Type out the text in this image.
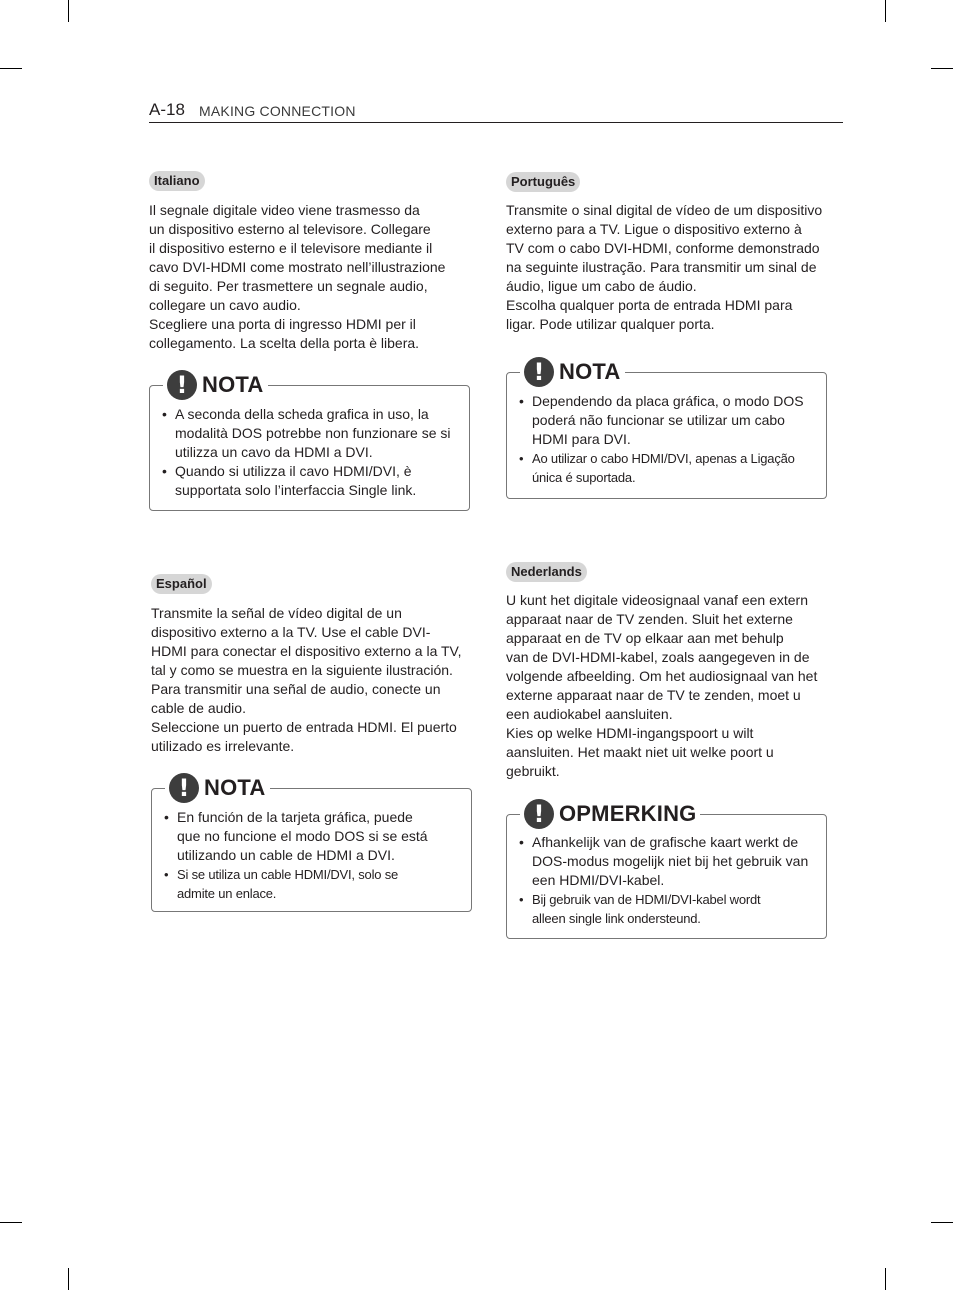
A-18 MAKING CONNECTION
Italiano
Il segnale digitale video viene trasmesso da
un dispositivo esterno al televisore. Collegare
il dispositivo esterno e il televisore mediante il
cavo DVI-HDMI come mostrato nell’illustrazione
di seguito. Per trasmettere un segnale audio,
collegare un cavo audio.
Scegliere una porta di ingresso HDMI per il
collegamento. La scelta della porta è libera.
! NOTA
• A seconda della scheda grafica in uso, la
modalità DOS potrebbe non funzionare se si
utilizza un cavo da HDMI a DVI.
• Quando si utilizza il cavo HDMI/DVI, è
supportata solo l’interfaccia Single link.
Português
Transmite o sinal digital de vídeo de um dispositivo
externo para a TV. Ligue o dispositivo externo à
TV com o cabo DVI-HDMI, conforme demonstrado
na seguinte ilustração. Para transmitir um sinal de
áudio, ligue um cabo de áudio.
Escolha qualquer porta de entrada HDMI para
ligar. Pode utilizar qualquer porta.
! NOTA
• Dependendo da placa gráfica, o modo DOS
poderá não funcionar se utilizar um cabo
HDMI para DVI.
• Ao utilizar o cabo HDMI/DVI, apenas a Ligação
única é suportada.
Español
Transmite la señal de vídeo digital de un
dispositivo externo a la TV. Use el cable DVI-
HDMI para conectar el dispositivo externo a la TV,
tal y como se muestra en la siguiente ilustración.
Para transmitir una señal de audio, conecte un
cable de audio.
Seleccione un puerto de entrada HDMI. El puerto
utilizado es irrelevante.
! NOTA
• En función de la tarjeta gráfica, puede
que no funcione el modo DOS si se está
utilizando un cable de HDMI a DVI.
• Si se utiliza un cable HDMI/DVI, solo se
admite un enlace.
Nederlands
U kunt het digitale videosignaal vanaf een extern
apparaat naar de TV zenden. Sluit het externe
apparaat en de TV op elkaar aan met behulp
van de DVI-HDMI-kabel, zoals aangegeven in de
volgende afbeelding. Om het audiosignaal van het
externe apparaat naar de TV te zenden, moet u
een audiokabel aansluiten.
Kies op welke HDMI-ingangspoort u wilt
aansluiten. Het maakt niet uit welke poort u
gebruikt.
! OPMERKING
• Afhankelijk van de grafische kaart werkt de
DOS-modus mogelijk niet bij het gebruik van
een HDMI/DVI-kabel.
• Bij gebruik van de HDMI/DVI-kabel wordt
alleen single link ondersteund.
